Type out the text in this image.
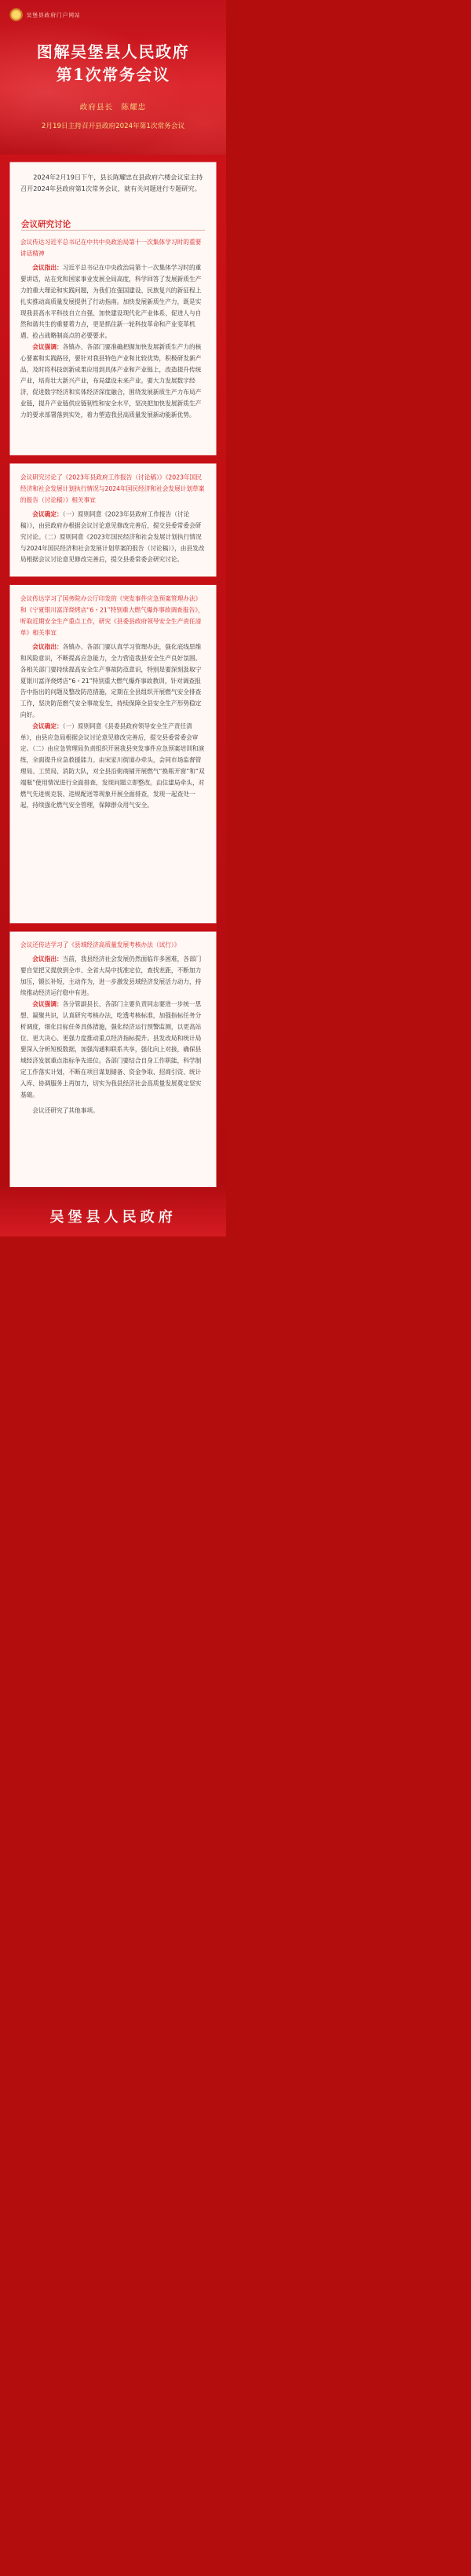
吴堡县政府门户网站
图解吴堡县人民政府
第1次常务会议
政府县长　陈耀忠
2月19日主持召开县政府2024年第1次常务会议
2024年2月19日下午，县长陈耀忠在县政府六楼会议室主持召开2024年县政府第1次常务会议，就有关问题进行专题研究。
会议研究讨论
会议传达习近平总书记在中共中央政治局第十一次集体学习时的重要讲话精神

会议指出：习近平总书记在中央政治局第十一次集体学习时的重要讲话，站在党和国家事业发展全局高度，科学回答了发展新质生产力的重大理论和实践问题，为我们在强国建设、民族复兴的新征程上扎实推动高质量发展提供了行动指南。加快发展新质生产力，既是实现我县高水平科技自立自强、加快建设现代化产业体系、促进人与自然和谐共生的重要着力点，更是抓住新一轮科技革命和产业变革机遇、抢占战略制高点的必要要求。

会议强调：各镇办、各部门要准确把握加快发展新质生产力的核心要素和实践路径，要针对我县特色产业和比较优势，积极研发新产品，及时将科技创新成果应用到具体产业和产业链上，改造提升传统产业，培育壮大新兴产业，布局建设未来产业。要大力发展数字经济，促进数字经济和实体经济深度融合，围绕发展新质生产力布局产业链，提升产业链供应链韧性和安全水平，坚决把加快发展新质生产力的要求部署落到实处，着力塑造我县高质量发展新动能新优势。

会议研究讨论了《2023年县政府工作报告（讨论稿）》《2023年国民经济和社会发展计划执行情况与2024年国民经济和社会发展计划草案的报告（讨论稿）》相关事宜

会议确定：（一）原则同意《2023年县政府工作报告（讨论稿）》，由县政府办根据会议讨论意见修改完善后，提交县委常委会研究讨论。（二）原则同意《2023年国民经济和社会发展计划执行情况与2024年国民经济和社会发展计划草案的报告（讨论稿）》，由县发改局根据会议讨论意见修改完善后，提交县委常委会研究讨论。

会议传达学习了国务院办公厅印发的《突发事件应急预案管理办法》和《宁夏银川富洋烧烤店“6・21”特别重大燃气爆炸事故调查报告》，听取近期安全生产重点工作，研究《县委县政府领导安全生产责任清单》相关事宜

会议指出：各镇办、各部门要认真学习管理办法，强化底线思维和风险意识，不断提高应急能力，全力营造我县安全生产良好氛围。各相关部门要持续提高安全生产事故防范意识，特别是要深刻汲取宁夏银川富洋烧烤店“6・21”特别重大燃气爆炸事故教训，针对调查报告中指出的问题及整改防范措施，定期在全县组织开展燃气安全排查工作，坚决防范燃气安全事故发生，持续保障全县安全生产形势稳定向好。

会议确定：（一）原则同意《县委县政府领导安全生产责任清单》，由县应急局根据会议讨论意见修改完善后，提交县委常委会审定。（二）由应急管理局负责组织开展我县突发事件应急预案培训和演练，全面提升应急救援能力。由宋家川街道办牵头，会同市场监督管理局、工贸局、消防大队，对全县沿街商铺开展燃气“换瓶开窗”和“双端瓶”使用情况进行全面排查，发现问题立即整改。由住建局牵头，对燃气先进规克装、违规配送等现象开展全面排查，发现一起查处一起，持续强化燃气安全管理，保障群众用气安全。

会议还传达学习了《县域经济高质量发展考核办法（试行）》

会议指出：当前，我县经济社会发展仍然面临许多困难，各部门要自觉把又提放到全市、全省大局中找准定位，查找差距，不断加力加压，锻长补短，主动作为，进一步激发县域经济发展活力动力，持续推动经济运行稳中有进。

会议强调：各分管副县长、各部门主要负责同志要进一步统一思想、凝聚共识，认真研究考核办法，吃透考核标准，加强指标任务分析调度，细化目标任务具体措施，强化经济运行预警监测，以更高站位、更大决心、更强力度推动重点经济指标提升。县发改局和统计局要深入分析短板数据，加强沟通和联系共享，强化向上对接，确保县域经济发展重点指标争先进位。各部门要结合自身工作职能，科学制定工作落实计划，不断在项目谋划储备、资金争取、招商引资、统计入库、协调服务上再加力，切实为我县经济社会高质量发展奠定坚实基础。

会议还研究了其他事项。

吴堡县人民政府
